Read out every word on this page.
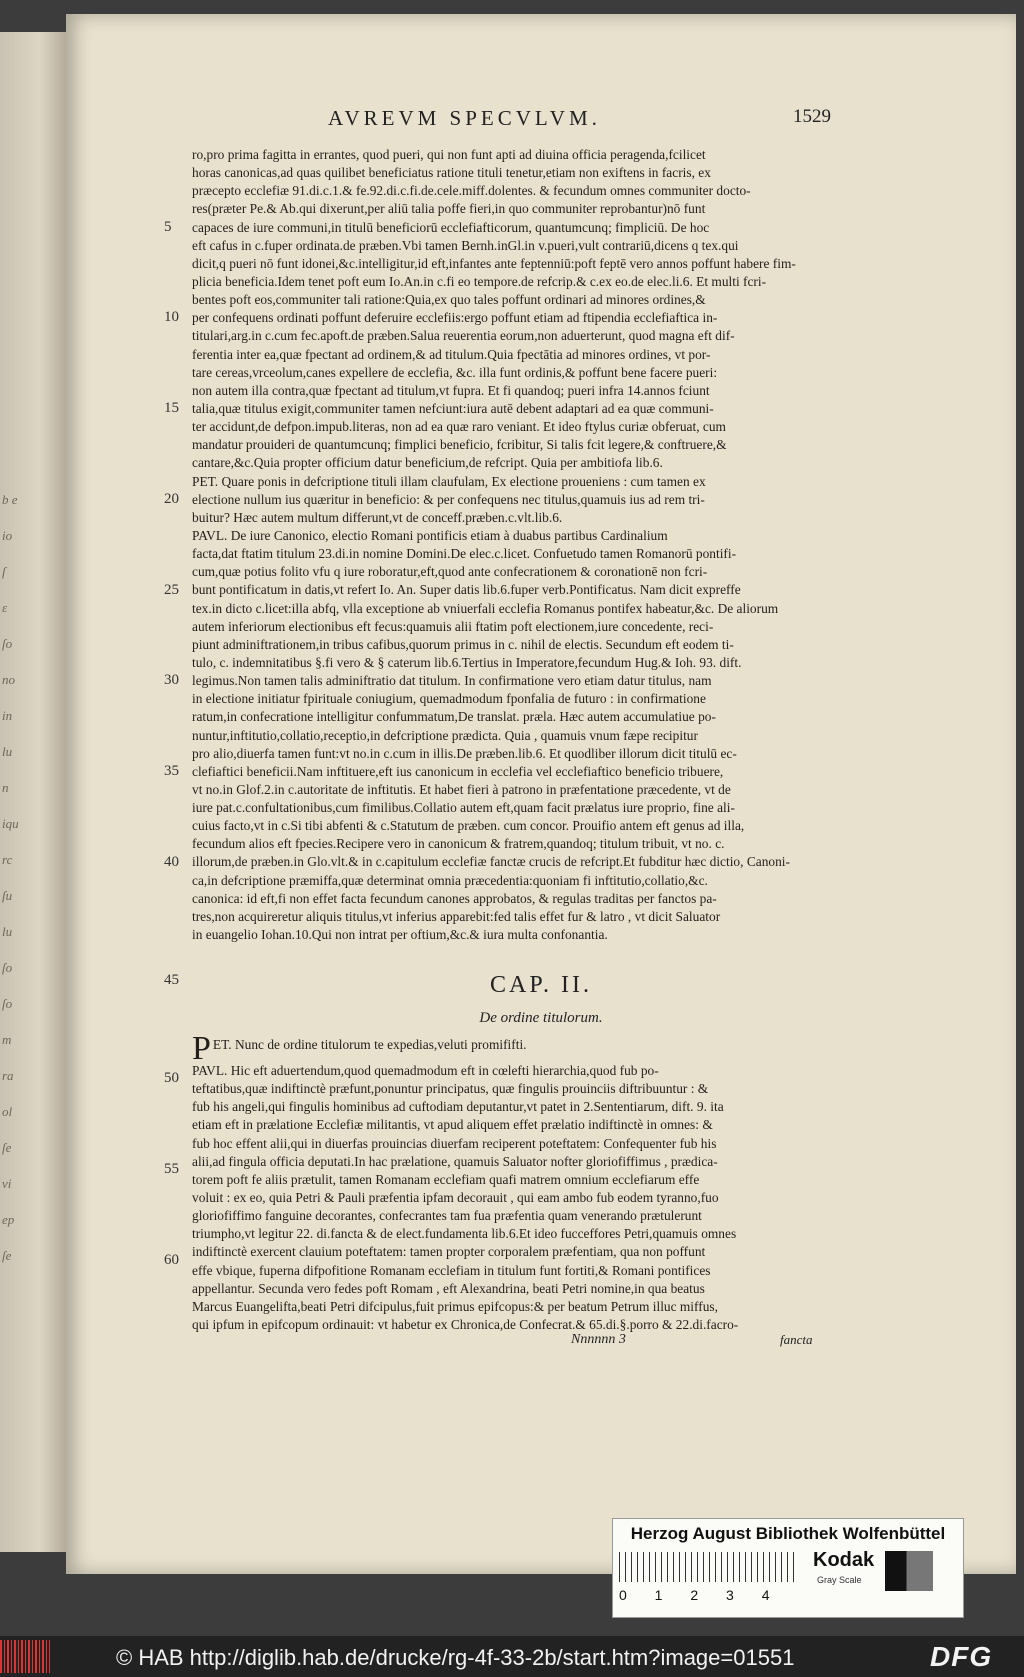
b e
io
ſ
ε
ſo
no
in
lu
n
iqu
rc
ſu
lu
ſo
ſo
m
ra
ol
ſe
vi
ep
ſe
AVREVM SPECVLVM.	1529
ro,pro prima fagitta in errantes, quod pueri, qui non funt apti ad diuina officia peragenda,fcilicet
horas canonicas,ad quas quilibet beneficiatus ratione tituli tenetur,etiam non exiftens in facris, ex
præcepto ecclefiæ 91.di.c.1.& fe.92.di.c.fi.de.cele.miff.dolentes. & fecundum omnes communiter docto-
res(præter Pe.& Ab.qui dixerunt,per aliū talia poffe fieri,in quo communiter reprobantur)nō funt
capaces de iure communi,in titulū beneficiorū ecclefiafticorum, quantumcunq; fimpliciū. De hoc
eft cafus in c.fuper ordinata.de præben.Vbi tamen Bernh.inGl.in v.pueri,vult contrariū,dicens q tex.qui
dicit,q pueri nō funt idonei,&c.intelligitur,id eft,infantes ante feptenniū:poft feptē vero annos poffunt habere fim-
plicia beneficia.Idem tenet poft eum Io.An.in c.fi eo tempore.de refcrip.& c.ex eo.de elec.li.6. Et multi fcri-
bentes poft eos,communiter tali ratione:Quia,ex quo tales poffunt ordinari ad minores ordines,&
per confequens ordinati poffunt deferuire ecclefiis:ergo poffunt etiam ad ftipendia ecclefiaftica in-
titulari,arg.in c.cum fec.apoft.de præben.Salua reuerentia eorum,non aduerterunt, quod magna eft dif-
ferentia inter ea,quæ fpectant ad ordinem,& ad titulum.Quia fpectātia ad minores ordines, vt por-
tare cereas,vrceolum,canes expellere de ecclefia, &c. illa funt ordinis,& poffunt bene facere pueri:
non autem illa contra,quæ fpectant ad titulum,vt fupra. Et fi quandoq; pueri infra 14.annos fciunt
talia,quæ titulus exigit,communiter tamen nefciunt:iura autē debent adaptari ad ea quæ communi-
ter accidunt,de defpon.impub.literas, non ad ea quæ raro veniant. Et ideo ftylus curiæ obferuat, cum
mandatur prouideri de quantumcunq; fimplici beneficio, fcribitur, Si talis fcit legere,& conftruere,&
cantare,&c.Quia propter officium datur beneficium,de refcript. Quia per ambitiofa lib.6.
PET. Quare ponis in defcriptione tituli illam claufulam, Ex electione proueniens : cum tamen ex
electione nullum ius quæritur in beneficio: & per confequens nec titulus,quamuis ius ad rem tri-
buitur? Hæc autem multum differunt,vt de conceff.præben.c.vlt.lib.6.
PAVL. De iure Canonico, electio Romani pontificis etiam à duabus partibus Cardinalium
facta,dat ftatim titulum 23.di.in nomine Domini.De elec.c.licet. Confuetudo tamen Romanorū pontifi-
cum,quæ potius folito vfu q iure roboratur,eft,quod ante confecrationem & coronationē non fcri-
bunt pontificatum in datis,vt refert Io. An. Super datis lib.6.fuper verb.Pontificatus. Nam dicit expreffe
tex.in dicto c.licet:illa abfq, vlla exceptione ab vniuerfali ecclefia Romanus pontifex habeatur,&c. De aliorum
autem inferiorum electionibus eft fecus:quamuis alii ftatim poft electionem,iure concedente, reci-
piunt adminiftrationem,in tribus cafibus,quorum primus in c. nihil de electis. Secundum eft eodem ti-
tulo, c. indemnitatibus §.fi vero & § caterum lib.6.Tertius in Imperatore,fecundum Hug.& Ioh. 93. dift.
legimus.Non tamen talis adminiftratio dat titulum. In confirmatione vero etiam datur titulus, nam
in electione initiatur fpirituale coniugium, quemadmodum fponfalia de futuro : in confirmatione
ratum,in confecratione intelligitur confummatum,De translat. præla. Hæc autem accumulatiue po-
nuntur,inftitutio,collatio,receptio,in defcriptione prædicta. Quia , quamuis vnum fæpe recipitur
pro alio,diuerfa tamen funt:vt no.in c.cum in illis.De præben.lib.6. Et quodliber illorum dicit titulū ec-
clefiaftici beneficii.Nam inftituere,eft ius canonicum in ecclefia vel ecclefiaftico beneficio tribuere,
vt no.in Glof.2.in c.autoritate de inftitutis. Et habet fieri à patrono in præfentatione præcedente, vt de
iure pat.c.confultationibus,cum fimilibus.Collatio autem eft,quam facit prælatus iure proprio, fine ali-
cuius facto,vt in c.Si tibi abfenti & c.Statutum de præben. cum concor. Prouifio antem eft genus ad illa,
fecundum alios eft fpecies.Recipere vero in canonicum & fratrem,quandoq; titulum tribuit, vt no. c.
illorum,de præben.in Glo.vlt.& in c.capitulum ecclefiæ fanctæ crucis de refcript.Et fubditur hæc dictio, Canoni-
ca,in defcriptione præmiffa,quæ determinat omnia præcedentia:quoniam fi inftitutio,collatio,&c.
canonica: id eft,fi non effet facta fecundum canones approbatos, & regulas traditas per fanctos pa-
tres,non acquireretur aliquis titulus,vt inferius apparebit:fed talis effet fur & latro , vt dicit Saluator
in euangelio Iohan.10.Qui non intrat per oftium,&c.& iura multa confonantia.
5
10
15
20
25
30
35
40
45
50
55
60
CAP. II.
De ordine titulorum.
PET. Nunc de ordine titulorum te expedias,veluti promififti.
PAVL. Hic eft aduertendum,quod quemadmodum eft in cœlefti hierarchia,quod fub po-
teftatibus,quæ indiftinctè præfunt,ponuntur principatus, quæ fingulis prouinciis diftribuuntur : &
fub his angeli,qui fingulis hominibus ad cuftodiam deputantur,vt patet in 2.Sententiarum, dift. 9. ita
etiam eft in prælatione Ecclefiæ militantis, vt apud aliquem effet prælatio indiftinctè in omnes: &
fub hoc effent alii,qui in diuerfas prouincias diuerfam reciperent poteftatem: Confequenter fub his
alii,ad fingula officia deputati.In hac prælatione, quamuis Saluator nofter gloriofiffimus , prædica-
torem poft fe aliis prætulit, tamen Romanam ecclefiam quafi matrem omnium ecclefiarum effe
voluit : ex eo, quia Petri & Pauli præfentia ipfam decorauit , qui eam ambo fub eodem tyranno,fuo
gloriofiffimo fanguine decorantes, confecrantes tam fua præfentia quam venerando prætulerunt
triumpho,vt legitur 22. di.fancta & de elect.fundamenta lib.6.Et ideo fucceffores Petri,quamuis omnes
indiftinctè exercent clauium poteftatem: tamen propter corporalem præfentiam, qua non poffunt
effe vbique, fuperna difpofitione Romanam ecclefiam in titulum funt fortiti,& Romani pontifices
appellantur. Secunda vero fedes poft Romam , eft Alexandrina, beati Petri nomine,in qua beatus
Marcus Euangelifta,beati Petri difcipulus,fuit primus epifcopus:& per beatum Petrum illuc miffus,
qui ipfum in epifcopum ordinauit: vt habetur ex Chronica,de Confecrat.& 65.di.§.porro & 22.di.facro-
Nnnnnn 3	fancta
Herzog August Bibliothek Wolfenbüttel
0 1 2 3 4
Kodak
Gray Scale
© HAB http://diglib.hab.de/drucke/rg-4f-33-2b/start.htm?image=01551	DFG
